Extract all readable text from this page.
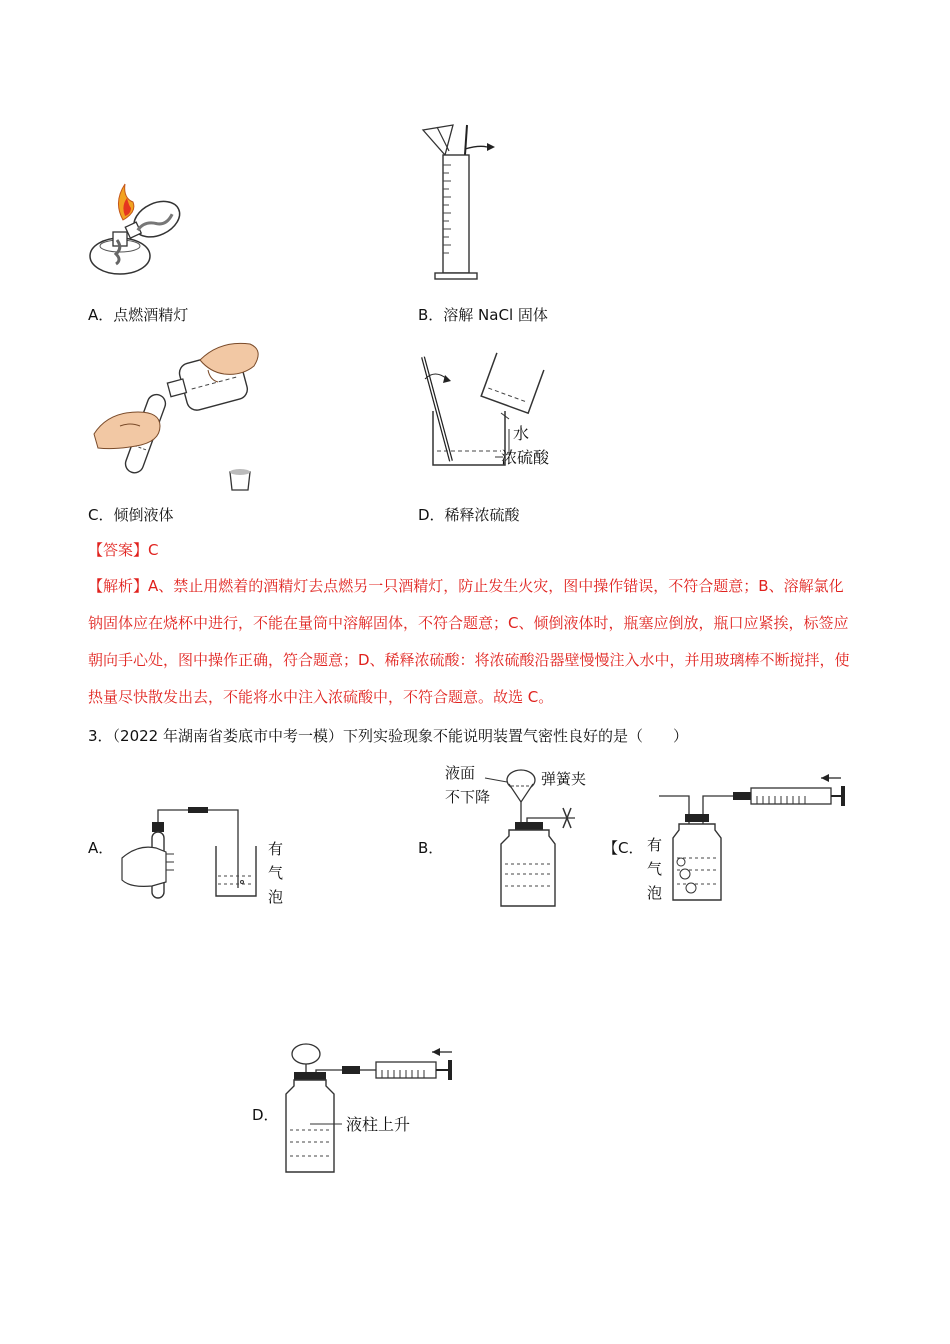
A．点燃酒精灯	B．溶解 NaCl 固体
水
浓硫酸
C．倾倒液体	D．稀释浓硫酸
【答案】C
【解析】A、禁止用燃着的酒精灯去点燃另一只酒精灯，防止发生火灾，图中操作错误，不符合题意；B、溶解氯化钠固体应在烧杯中进行，不能在量筒中溶解固体，不符合题意；C、倾倒液体时，瓶塞应倒放，瓶口应紧挨，标签应朝向手心处，图中操作正确，符合题意；D、稀释浓硫酸：将浓硫酸沿器壁慢慢注入水中，并用玻璃棒不断搅拌，使热量尽快散发出去，不能将水中注入浓硫酸中，不符合题意。故选 C。
3．（2022 年湖南省娄底市中考一模）下列实验现象不能说明装置气密性良好的是（　　）
A．	有
气
泡
B．
液面
不下降
弹簧夹
【C． 有
气
泡
D．	液柱上升
